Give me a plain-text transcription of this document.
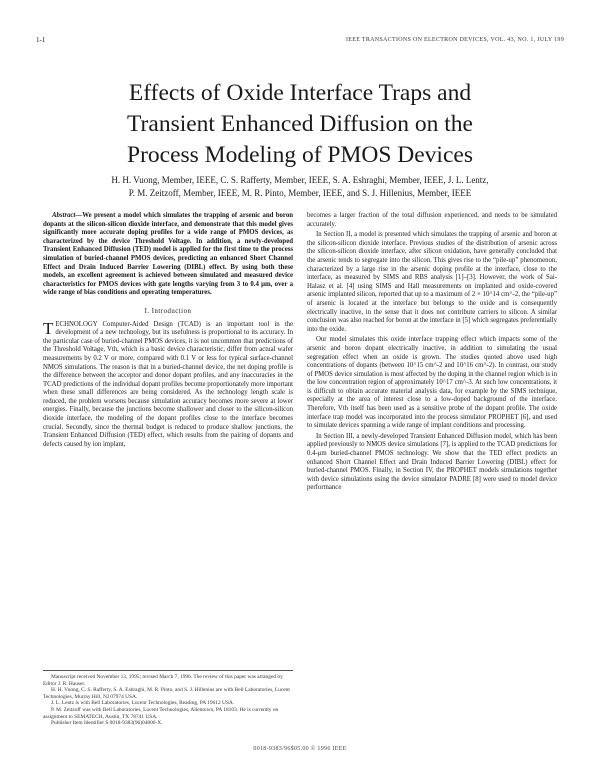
1-1	IEEE TRANSACTIONS ON ELECTRON DEVICES, VOL. 43, NO. 1, JULY 199
Effects of Oxide Interface Traps and
Transient Enhanced Diffusion on the
Process Modeling of PMOS Devices
H. H. Vuong, Member, IEEE, C. S. Rafferty, Member, IEEE, S. A. Eshraghi, Member, IEEE, J. L. Lentz,
P. M. Zeitzoff, Member, IEEE, M. R. Pinto, Member, IEEE, and S. J. Hillenius, Member, IEEE

Abstract—We present a model which simulates the trapping of arsenic and boron dopants at the silicon-silicon dioxide interface, and demonstrate that this model gives significantly more accurate doping profiles for a wide range of PMOS devices, as characterized by the device Threshold Voltage. In addition, a newly-developed Transient Enhanced Diffusion (TED) model is applied for the first time to the process simulation of buried-channel PMOS devices, predicting an enhanced Short Channel Effect and Drain Induced Barrier Lowering (DIBL) effect. By using both these models, an excellent agreement is achieved between simulated and measured device characteristics for PMOS devices with gate lengths varying from 3 to 0.4 μm, over a wide range of bias conditions and operating temperatures.

I. Introduction

TECHNOLOGY Computer-Aided Design (TCAD) is an important tool in the development of a new technology, but its usefulness is proportional to its accuracy. In the particular case of buried-channel PMOS devices, it is not uncommon that predictions of the Threshold Voltage, Vth, which is a basic device characteristic, differ from actual wafer measurements by 0.2 V or more, compared with 0.1 V or less for typical surface-channel NMOS simulations. The reason is that in a buried-channel device, the net doping profile is the difference between the acceptor and donor dopant profiles, and any inaccuracies in the TCAD predictions of the individual dopant profiles become proportionately more important when these small differences are being considered. As the technology length scale is reduced, the problem worsens because simulation accuracy becomes more severe at lower energies. Finally, because the junctions become shallower and closer to the silicon-silicon dioxide interface, the modeling of the dopant profiles close to the interface becomes crucial. Secondly, since the thermal budget is reduced to produce shallow junctions, the Transient Enhanced Diffusion (TED) effect, which results from the pairing of dopants and defects caused by ion implant,

Manuscript received November 13, 1995; revised March 7, 1996. The review of this paper was arranged by Editor J. R. Hauser.
H. H. Vuong, C. S. Rafferty, S. A. Eshraghi, M. R. Pinto, and S. J. Hillenius are with Bell Laboratories, Lucent Technologies, Murray Hill, NJ 07974 USA.
J. L. Lentz is with Bell Laboratories, Lucent Technologies, Reading, PA 19612 USA.
P. M. Zeitzoff was with Bell Laboratories, Lucent Technologies, Allentown, PA 18103. He is currently on assignment to SEMATECH, Austin, TX 78741 USA.
Publisher Item Identifier S 0018-9383(96)04800-X.

becomes a larger fraction of the total diffusion experienced, and needs to be simulated accurately.

In Section II, a model is presented which simulates the trapping of arsenic and boron at the silicon-silicon dioxide interface. Previous studies of the distribution of arsenic across the silicon-silicon dioxide interface, after silicon oxidation, have generally concluded that the arsenic tends to segregate into the silicon. This gives rise to the “pile-up” phenomenon, characterized by a large rise in the arsenic doping profile at the interface, close to the interface, as measured by SIMS and RBS analysis [1]–[3]. However, the work of Sai-Halasz et al. [4] using SIMS and Hall measurements on implanted and oxide-covered arsenic implanted silicon, reported that up to a maximum of 2 × 10^14 cm^-2, the “pile-up” of arsenic is located at the interface but belongs to the oxide and is consequently electrically inactive, in the sense that it does not contribute carriers to silicon. A similar conclusion was also reached for boron at the interface in [5] which segregates preferentially into the oxide.

Our model simulates this oxide interface trapping effect which impacts some of the arsenic and boron dopant electrically inactive, in addition to simulating the usual segregation effect when an oxide is grown. The studies quoted above used high concentrations of dopants (between 10^15 cm^-2 and 10^16 cm^-2). In contrast, our study of PMOS device simulation is most affected by the doping in the channel region which is in the low concentration region of approximately 10^17 cm^-3. At such low concentrations, it is difficult to obtain accurate material analysis data, for example by the SIMS technique, especially at the area of interest close to a low-doped background of the interface. Therefore, Vth itself has been used as a sensitive probe of the dopant profile. The oxide interface trap model was incorporated into the process simulator PROPHET [6], and used to simulate devices spanning a wide range of implant conditions and processing.

In Section III, a newly-developed Transient Enhanced Diffusion model, which has been applied previously to NMOS device simulations [7], is applied to the TCAD predictions for 0.4-μm buried-channel PMOS technology. We show that the TED effect predicts an enhanced Short Channel Effect and Drain Induced Barrier Lowering (DIBL) effect for buried-channel PMOS. Finally, in Section IV, the PROPHET models simulations together with device simulations using the device simulator PADRE [8] were used to model device performance

0018-9383/96$05.00 © 1996 IEEE
